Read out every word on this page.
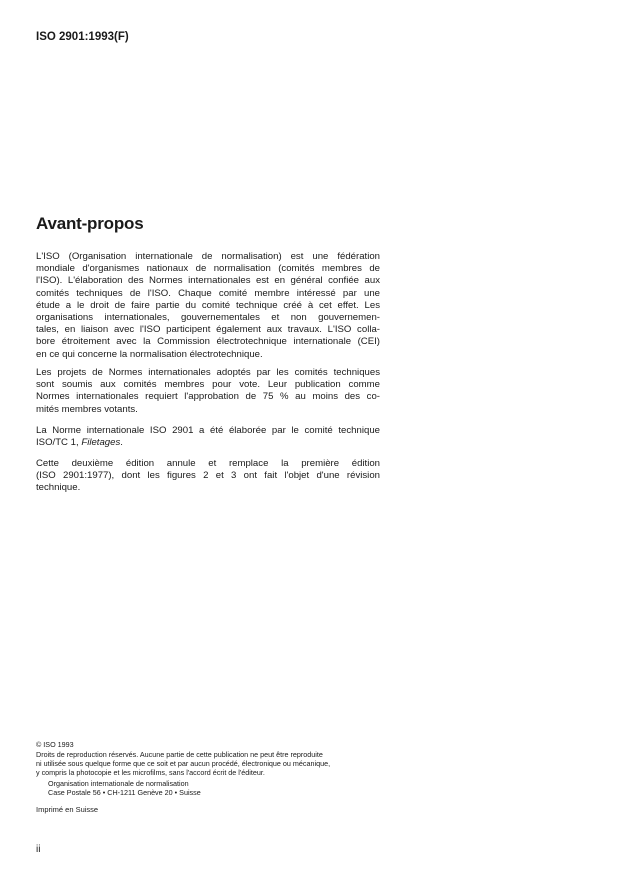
ISO 2901:1993(F)
Avant-propos
L'ISO (Organisation internationale de normalisation) est une fédération
mondiale d'organismes nationaux de normalisation (comités membres de
l'ISO). L'élaboration des Normes internationales est en général confiée aux
comités techniques de l'ISO. Chaque comité membre intéressé par une
étude a le droit de faire partie du comité technique créé à cet effet. Les
organisations internationales, gouvernementales et non gouvernemen-
tales, en liaison avec l'ISO participent également aux travaux. L'ISO colla-
bore étroitement avec la Commission électrotechnique internationale (CEI)
en ce qui concerne la normalisation électrotechnique.
Les projets de Normes internationales adoptés par les comités techniques
sont soumis aux comités membres pour vote. Leur publication comme
Normes internationales requiert l'approbation de 75 % au moins des co-
mités membres votants.
La Norme internationale ISO 2901 a été élaborée par le comité technique
ISO/TC 1, Filetages.
Cette deuxième édition annule et remplace la première édition
(ISO 2901:1977), dont les figures 2 et 3 ont fait l'objet d'une révision
technique.
© ISO 1993
Droits de reproduction réservés. Aucune partie de cette publication ne peut être reproduite
ni utilisée sous quelque forme que ce soit et par aucun procédé, électronique ou mécanique,
y compris la photocopie et les microfilms, sans l'accord écrit de l'éditeur.
Organisation internationale de normalisation
Case Postale 56 • CH-1211 Genève 20 • Suisse
Imprimé en Suisse
ii
